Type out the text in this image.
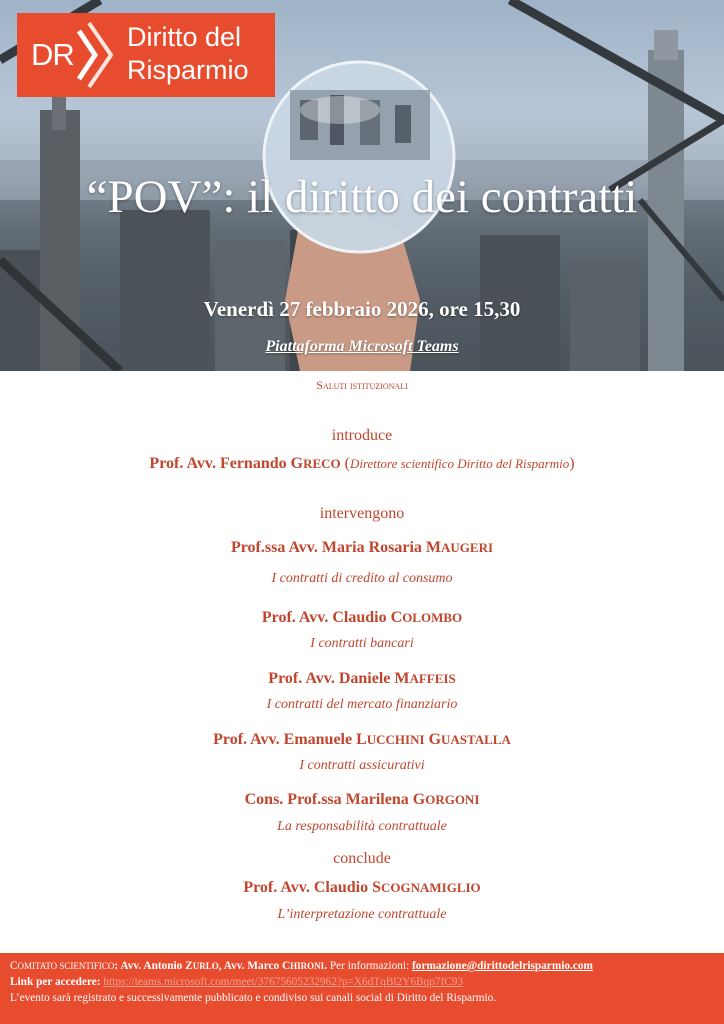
DR Diritto del
Risparmio
“POV”: il diritto dei contratti
Venerdì 27 febbraio 2026, ore 15,30
Piattaforma Microsoft Teams
Saluti istituzionali
introduce
Prof. Avv. Fernando GRECO (Direttore scientifico Diritto del Risparmio)
intervengono
Prof.ssa Avv. Maria Rosaria MAUGERI
I contratti di credito al consumo
Prof. Avv. Claudio COLOMBO
I contratti bancari
Prof. Avv. Daniele MAFFEIS
I contratti del mercato finanziario
Prof. Avv. Emanuele LUCCHINI GUASTALLA
I contratti assicurativi
Cons. Prof.ssa Marilena GORGONI
La responsabilità contrattuale
conclude
Prof. Avv. Claudio SCOGNAMIGLIO
L’interpretazione contrattuale
COMITATO SCIENTIFICO: Avv. Antonio ZURLO, Avv. Marco CHIRONI. Per informazioni: formazione@dirittodelrisparmio.com
Link per accedere: https://teams.microsoft.com/meet/37675605232962?p=X6dTqBl2Y6Bqp7fC93
L’evento sarà registrato e successivamente pubblicato e condiviso sui canali social di Diritto del Risparmio.
